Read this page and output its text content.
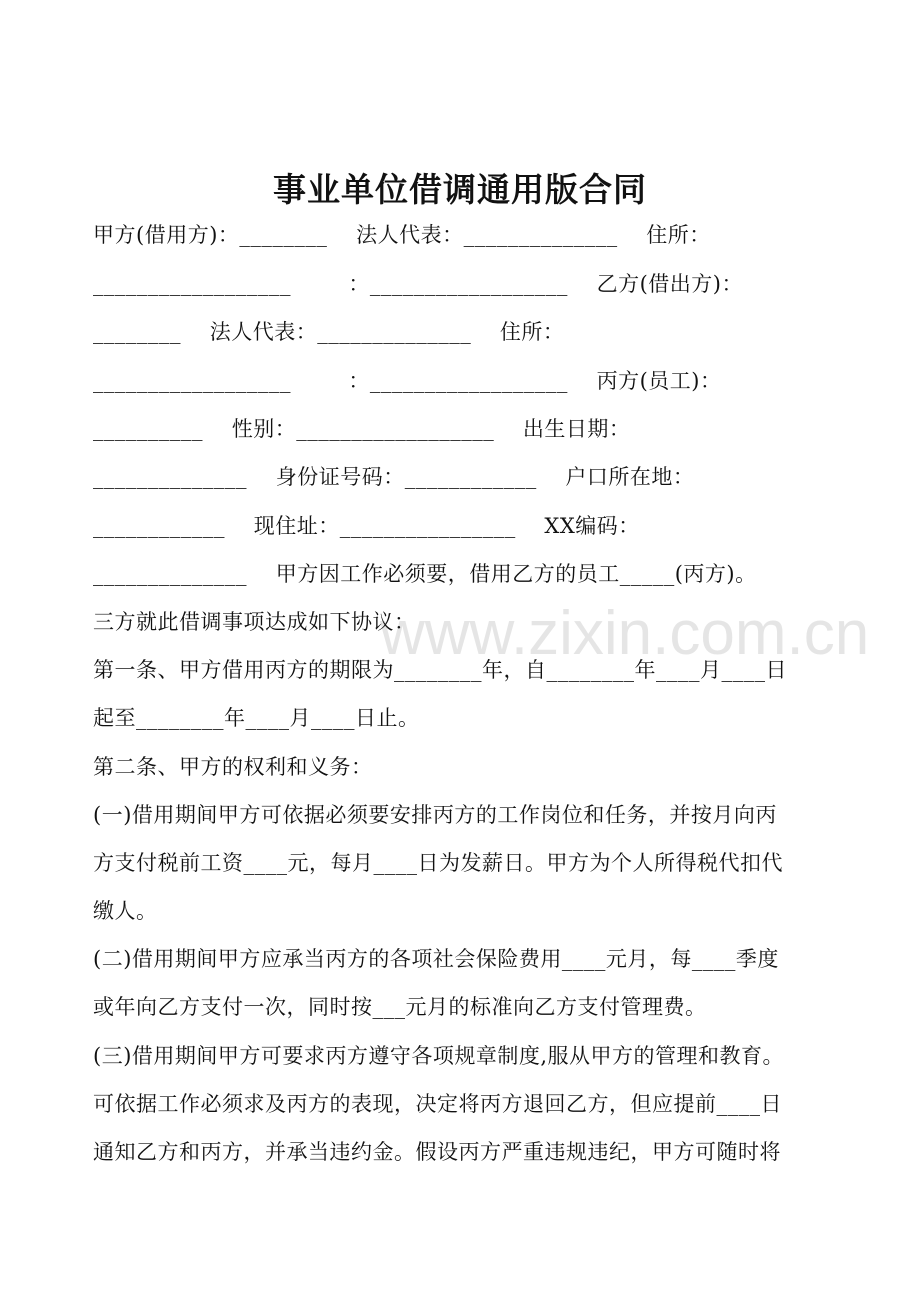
事业单位借调通用版合同
www.zixin.com.cn
甲方(借用方)：________    法人代表：______________    住所：
__________________        ：__________________    乙方(借出方)：
________    法人代表：______________    住所：
__________________        ：__________________    丙方(员工)：
__________    性别：__________________    出生日期：
______________    身份证号码：____________    户口所在地：
____________    现住址：________________    XX编码：
______________    甲方因工作必须要，借用乙方的员工_____(丙方)。
三方就此借调事项达成如下协议：
第一条、甲方借用丙方的期限为________年，自________年____月____日
起至________年____月____日止。
第二条、甲方的权利和义务：
(一)借用期间甲方可依据必须要安排丙方的工作岗位和任务，并按月向丙
方支付税前工资____元，每月____日为发薪日。甲方为个人所得税代扣代
缴人。
(二)借用期间甲方应承当丙方的各项社会保险费用____元月，每____季度
或年向乙方支付一次，同时按___元月的标准向乙方支付管理费。
(三)借用期间甲方可要求丙方遵守各项规章制度,服从甲方的管理和教育。
可依据工作必须求及丙方的表现，决定将丙方退回乙方，但应提前____日
通知乙方和丙方，并承当违约金。假设丙方严重违规违纪，甲方可随时将
